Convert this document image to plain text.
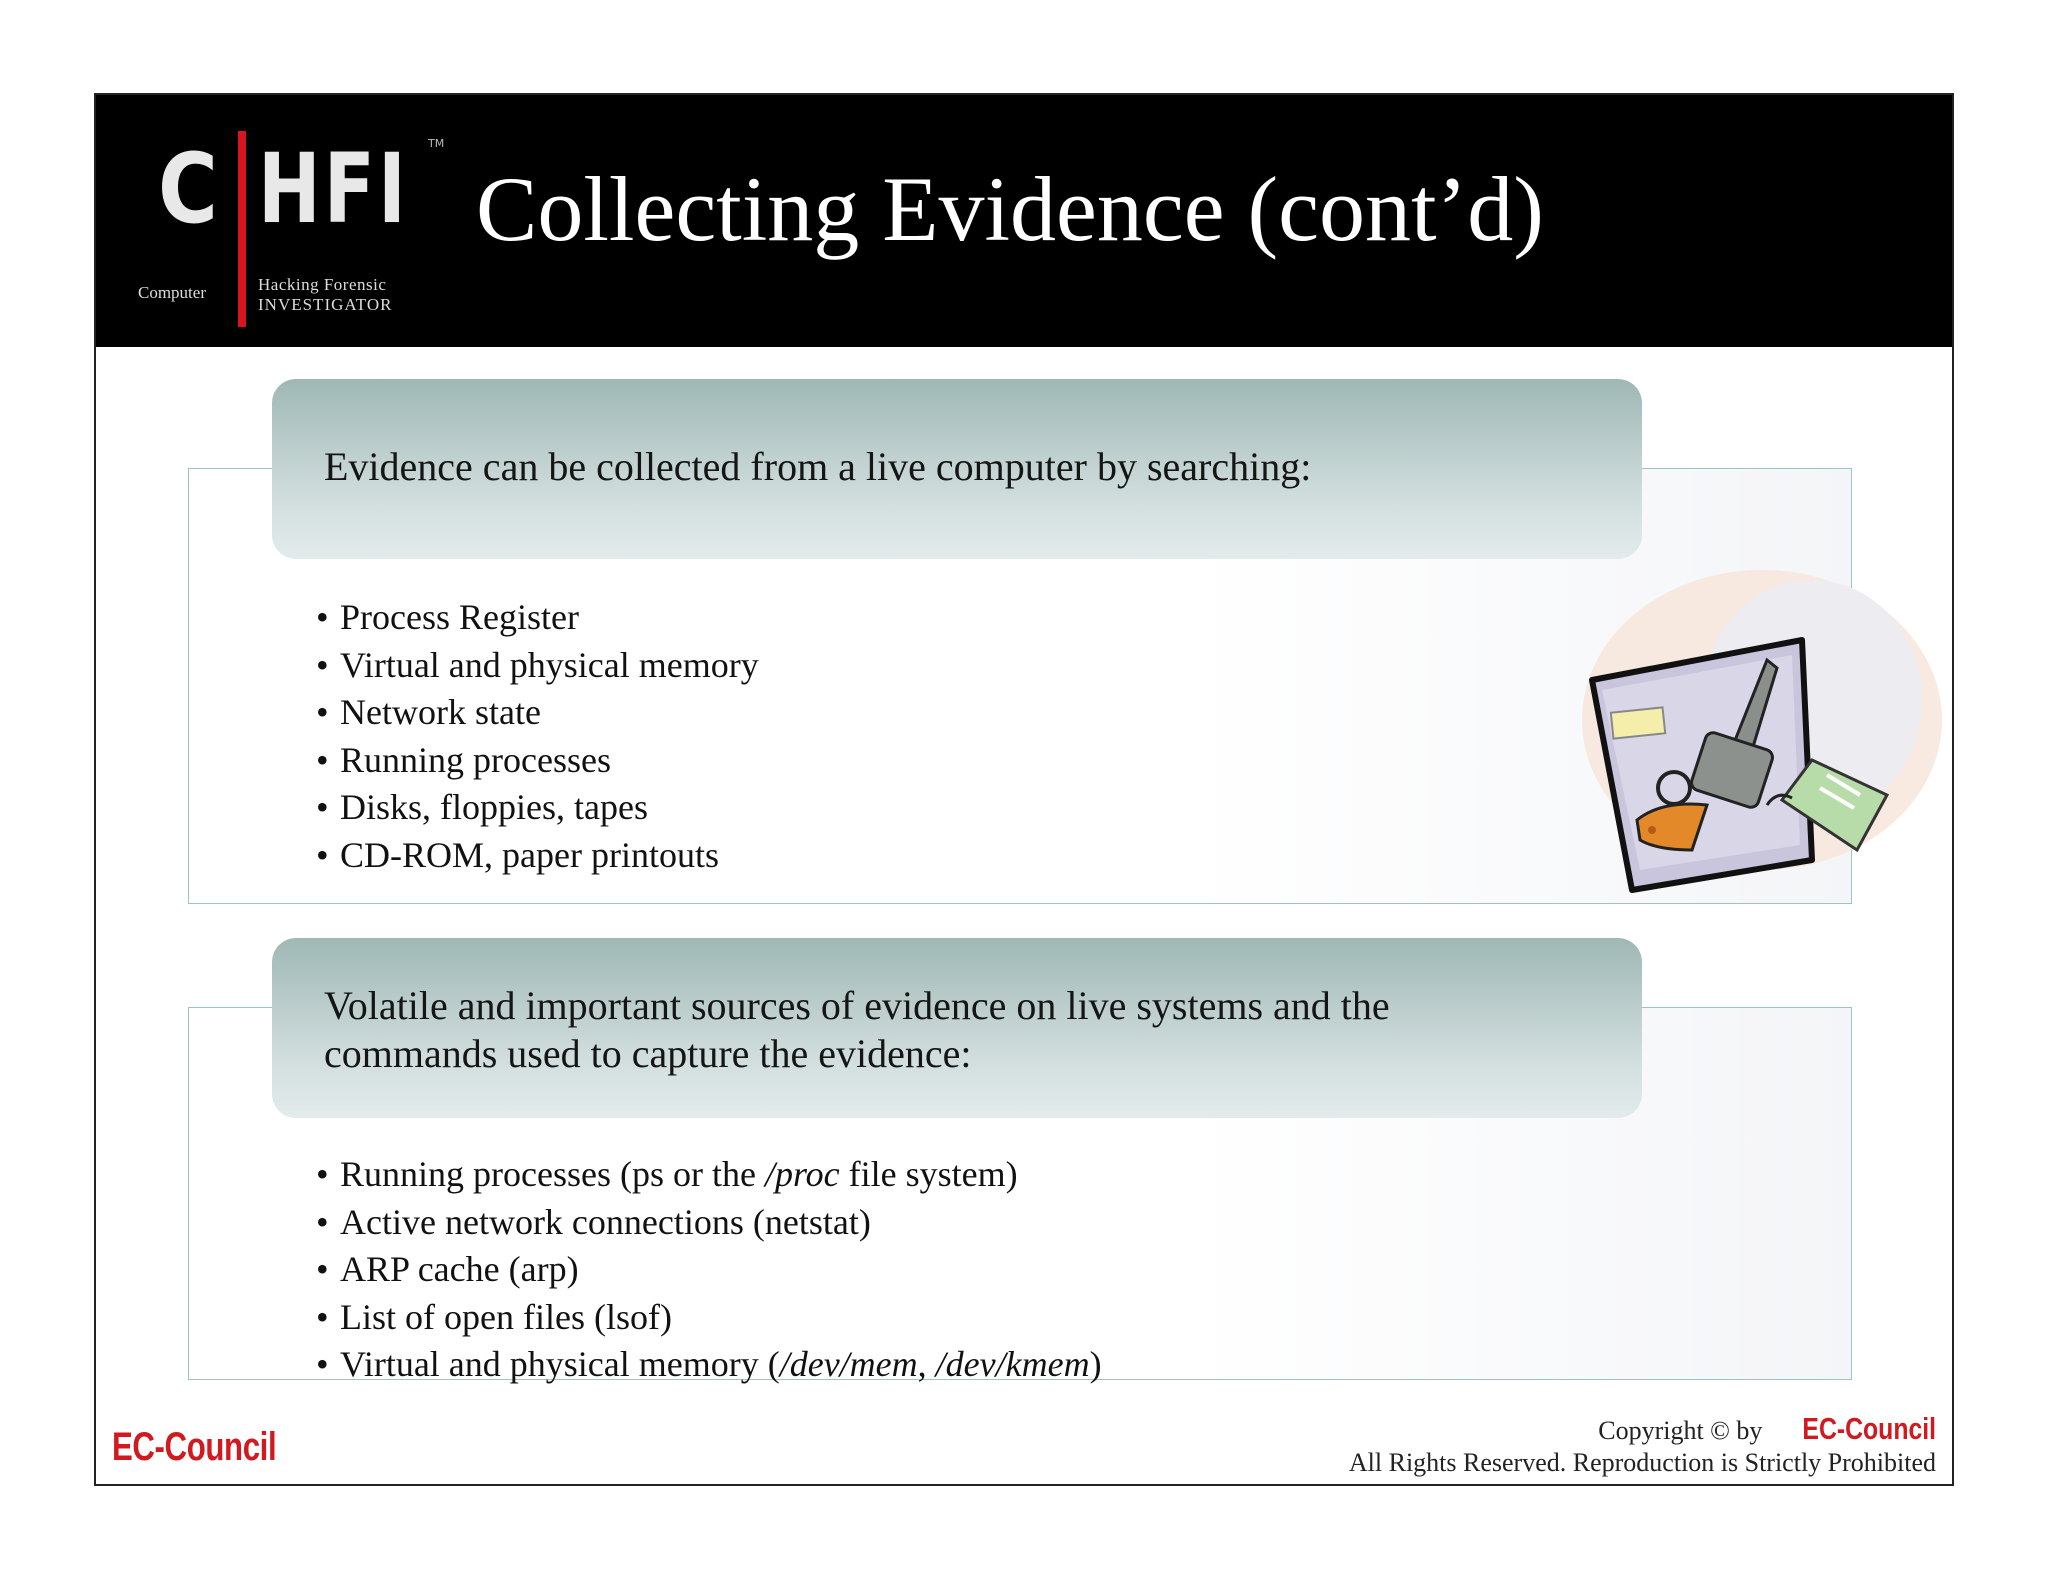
C HFI TM
Computer	Hacking Forensic
INVESTIGATOR
Collecting Evidence (cont’d)
Evidence can be collected from a live computer by searching:
• Process Register
• Virtual and physical memory
• Network state
• Running processes
• Disks, floppies, tapes
• CD-ROM, paper printouts
Volatile and important sources of evidence on live systems and the
commands used to capture the evidence:
• Running processes (ps or the /proc file system)
• Active network connections (netstat)
• ARP cache (arp)
• List of open files (lsof)
• Virtual and physical memory (/dev/mem, /dev/kmem)
EC-Council	Copyright © by EC-Council
All Rights Reserved. Reproduction is Strictly Prohibited
